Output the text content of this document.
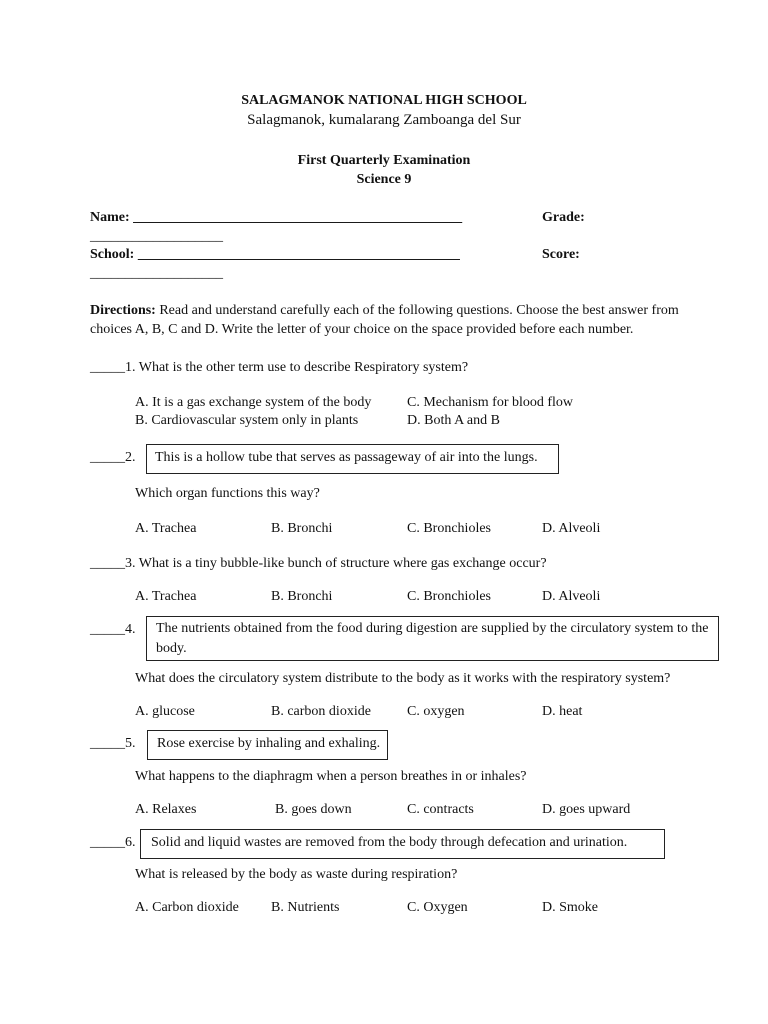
SALAGMANOK NATIONAL HIGH SCHOOL
Salagmanok, kumalarang Zamboanga del Sur
First Quarterly Examination
Science 9
Name: _______________________________________________	Grade:
___________________
School: ______________________________________________	Score:
___________________
Directions: Read and understand carefully each of the following questions. Choose the best answer from
choices A, B, C and D. Write the letter of your choice on the space provided before each number.
_____1. What is the other term use to describe Respiratory system?
A. It is a gas exchange system of the body
B. Cardiovascular system only in plants
C. Mechanism for blood flow
D. Both A and B
_____2. This is a hollow tube that serves as passageway of air into the lungs.
Which organ functions this way?
A. Trachea	B. Bronchi	C. Bronchioles	D. Alveoli
_____3. What is a tiny bubble-like bunch of structure where gas exchange occur?
A. Trachea	B. Bronchi	C. Bronchioles	D. Alveoli
_____4. The nutrients obtained from the food during digestion are supplied by the circulatory system to the
body.
What does the circulatory system distribute to the body as it works with the respiratory system?
A. glucose	B. carbon dioxide	C. oxygen	D. heat
_____5. Rose exercise by inhaling and exhaling.
What happens to the diaphragm when a person breathes in or inhales?
A. Relaxes	B. goes down	C. contracts	D. goes upward
_____6. Solid and liquid wastes are removed from the body through defecation and urination.
What is released by the body as waste during respiration?
A. Carbon dioxide B. Nutrients	C. Oxygen	D. Smoke
